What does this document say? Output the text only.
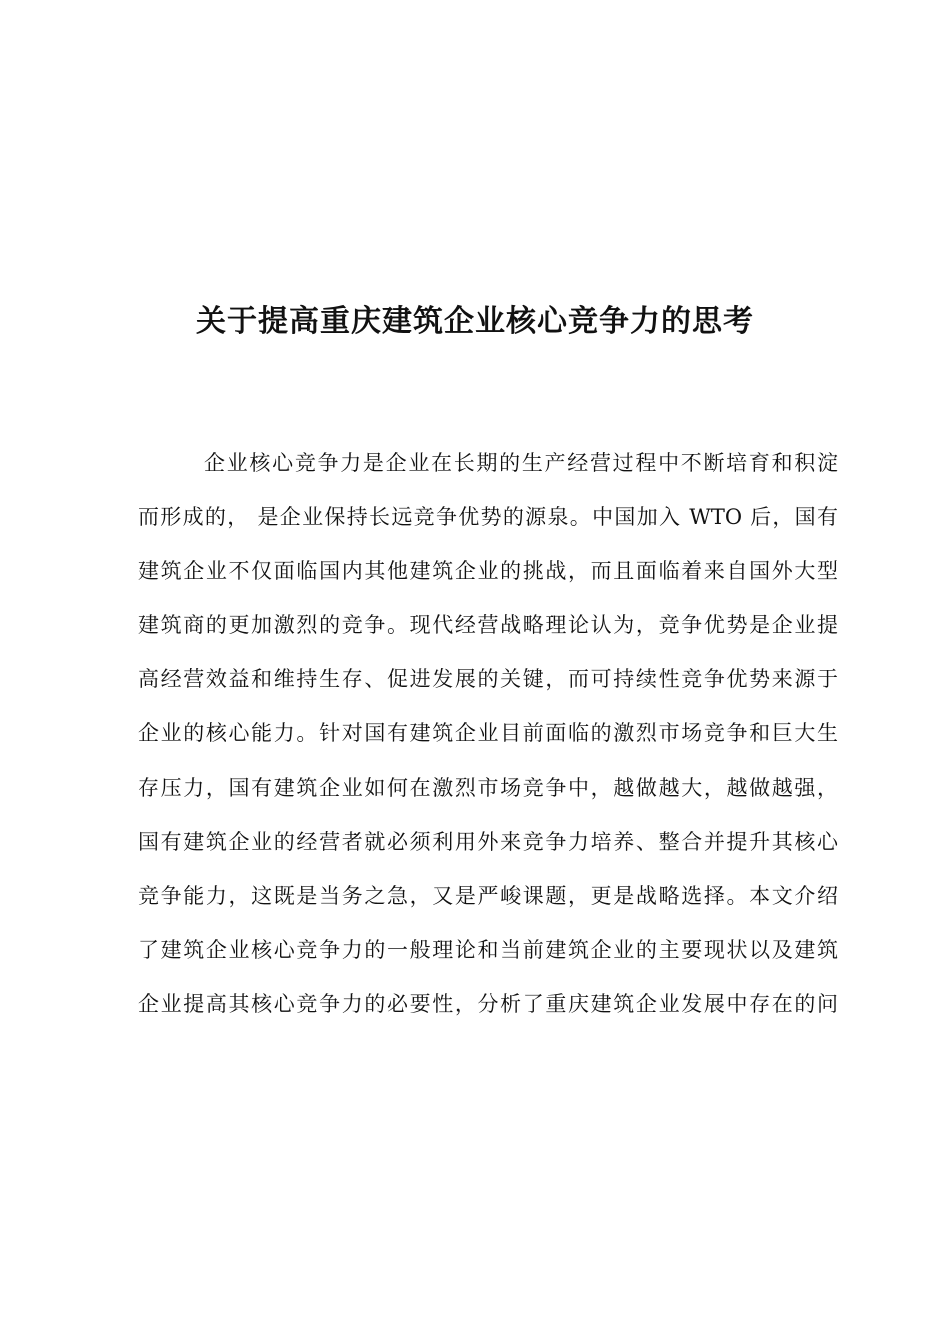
关于提高重庆建筑企业核心竞争力的思考
企业核心竞争力是企业在长期的生产经营过程中不断培育和积淀
而形成的， 是企业保持长远竞争优势的源泉。中国加入 WTO 后，国有
建筑企业不仅面临国内其他建筑企业的挑战，而且面临着来自国外大型
建筑商的更加激烈的竞争。现代经营战略理论认为，竞争优势是企业提
高经营效益和维持生存、促进发展的关键，而可持续性竞争优势来源于
企业的核心能力。针对国有建筑企业目前面临的激烈市场竞争和巨大生
存压力，国有建筑企业如何在激烈市场竞争中，越做越大，越做越强，
国有建筑企业的经营者就必须利用外来竞争力培养、整合并提升其核心
竞争能力，这既是当务之急，又是严峻课题，更是战略选择。本文介绍
了建筑企业核心竞争力的一般理论和当前建筑企业的主要现状以及建筑
企业提高其核心竞争力的必要性，分析了重庆建筑企业发展中存在的问
